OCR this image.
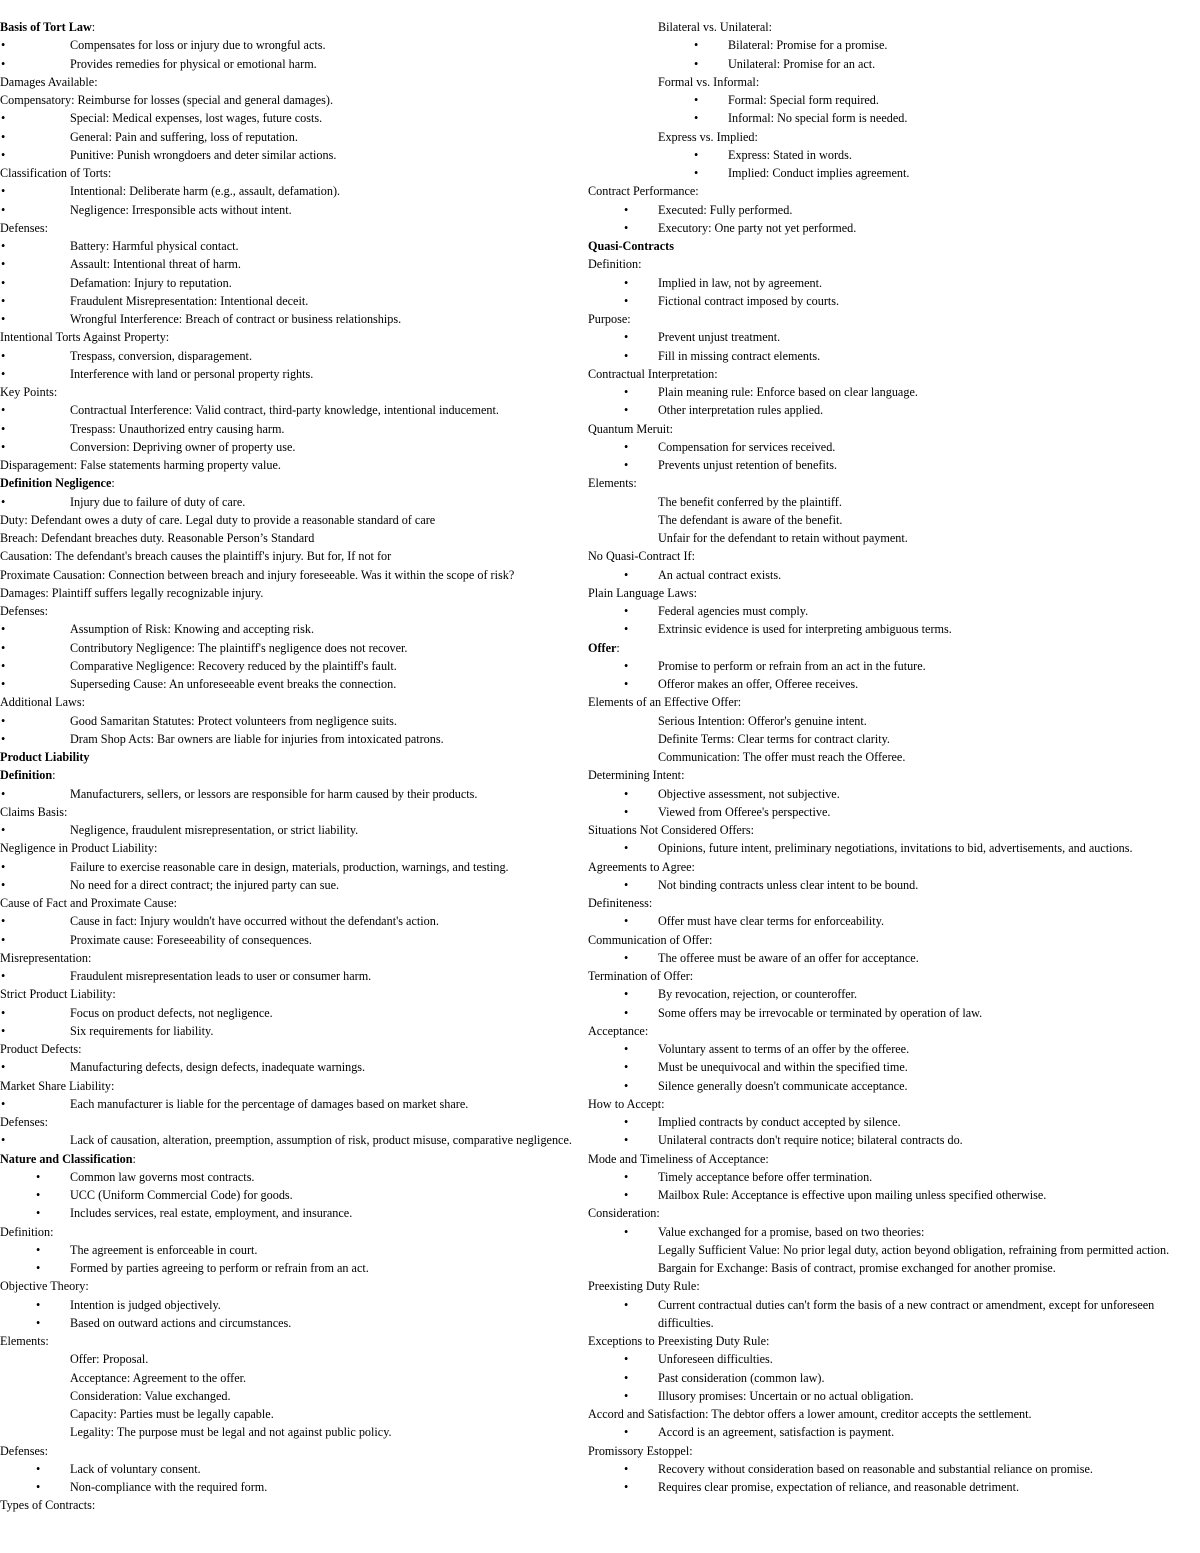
Basis of Tort Law:
• Compensates for loss or injury due to wrongful acts.
• Provides remedies for physical or emotional harm.
Damages Available:
Compensatory: Reimburse for losses (special and general damages).
• Special: Medical expenses, lost wages, future costs.
• General: Pain and suffering, loss of reputation.
• Punitive: Punish wrongdoers and deter similar actions.
Classification of Torts:
• Intentional: Deliberate harm (e.g., assault, defamation).
• Negligence: Irresponsible acts without intent.
Defenses:
• Battery: Harmful physical contact.
• Assault: Intentional threat of harm.
• Defamation: Injury to reputation.
• Fraudulent Misrepresentation: Intentional deceit.
• Wrongful Interference: Breach of contract or business relationships.
Intentional Torts Against Property:
• Trespass, conversion, disparagement.
• Interference with land or personal property rights.
Key Points:
• Contractual Interference: Valid contract, third-party knowledge, intentional inducement.
• Trespass: Unauthorized entry causing harm.
• Conversion: Depriving owner of property use.
Disparagement: False statements harming property value.
Definition Negligence:
• Injury due to failure of duty of care.
Duty: Defendant owes a duty of care. Legal duty to provide a reasonable standard of care
Breach: Defendant breaches duty. Reasonable Person’s Standard
Causation: The defendant's breach causes the plaintiff's injury. But for, If not for
Proximate Causation: Connection between breach and injury foreseeable. Was it within the scope of risk?
Damages: Plaintiff suffers legally recognizable injury.
Defenses:
• Assumption of Risk: Knowing and accepting risk.
• Contributory Negligence: The plaintiff's negligence does not recover.
• Comparative Negligence: Recovery reduced by the plaintiff's fault.
• Superseding Cause: An unforeseeable event breaks the connection.
Additional Laws:
• Good Samaritan Statutes: Protect volunteers from negligence suits.
• Dram Shop Acts: Bar owners are liable for injuries from intoxicated patrons.
Product Liability
Definition:
• Manufacturers, sellers, or lessors are responsible for harm caused by their products.
Claims Basis:
• Negligence, fraudulent misrepresentation, or strict liability.
Negligence in Product Liability:
• Failure to exercise reasonable care in design, materials, production, warnings, and testing.
• No need for a direct contract; the injured party can sue.
Cause of Fact and Proximate Cause:
• Cause in fact: Injury wouldn't have occurred without the defendant's action.
• Proximate cause: Foreseeability of consequences.
Misrepresentation:
• Fraudulent misrepresentation leads to user or consumer harm.
Strict Product Liability:
• Focus on product defects, not negligence.
• Six requirements for liability.
Product Defects:
• Manufacturing defects, design defects, inadequate warnings.
Market Share Liability:
• Each manufacturer is liable for the percentage of damages based on market share.
Defenses:
• Lack of causation, alteration, preemption, assumption of risk, product misuse, comparative negligence.
Nature and Classification:
• Common law governs most contracts.
• UCC (Uniform Commercial Code) for goods.
• Includes services, real estate, employment, and insurance.
Definition:
• The agreement is enforceable in court.
• Formed by parties agreeing to perform or refrain from an act.
Objective Theory:
• Intention is judged objectively.
• Based on outward actions and circumstances.
Elements:
Offer: Proposal.
Acceptance: Agreement to the offer.
Consideration: Value exchanged.
Capacity: Parties must be legally capable.
Legality: The purpose must be legal and not against public policy.
Defenses:
• Lack of voluntary consent.
• Non-compliance with the required form.
Types of Contracts:
Bilateral vs. Unilateral:
• Bilateral: Promise for a promise.
• Unilateral: Promise for an act.
Formal vs. Informal:
• Formal: Special form required.
• Informal: No special form is needed.
Express vs. Implied:
• Express: Stated in words.
• Implied: Conduct implies agreement.
Contract Performance:
• Executed: Fully performed.
• Executory: One party not yet performed.
Quasi-Contracts
Definition:
• Implied in law, not by agreement.
• Fictional contract imposed by courts.
Purpose:
• Prevent unjust treatment.
• Fill in missing contract elements.
Contractual Interpretation:
• Plain meaning rule: Enforce based on clear language.
• Other interpretation rules applied.
Quantum Meruit:
• Compensation for services received.
• Prevents unjust retention of benefits.
Elements:
The benefit conferred by the plaintiff.
The defendant is aware of the benefit.
Unfair for the defendant to retain without payment.
No Quasi-Contract If:
• An actual contract exists.
Plain Language Laws:
• Federal agencies must comply.
• Extrinsic evidence is used for interpreting ambiguous terms.
Offer:
• Promise to perform or refrain from an act in the future.
• Offeror makes an offer, Offeree receives.
Elements of an Effective Offer:
Serious Intention: Offeror's genuine intent.
Definite Terms: Clear terms for contract clarity.
Communication: The offer must reach the Offeree.
Determining Intent:
• Objective assessment, not subjective.
• Viewed from Offeree's perspective.
Situations Not Considered Offers:
• Opinions, future intent, preliminary negotiations, invitations to bid, advertisements, and auctions.
Agreements to Agree:
• Not binding contracts unless clear intent to be bound.
Definiteness:
• Offer must have clear terms for enforceability.
Communication of Offer:
• The offeree must be aware of an offer for acceptance.
Termination of Offer:
• By revocation, rejection, or counteroffer.
• Some offers may be irrevocable or terminated by operation of law.
Acceptance:
• Voluntary assent to terms of an offer by the offeree.
• Must be unequivocal and within the specified time.
• Silence generally doesn't communicate acceptance.
How to Accept:
• Implied contracts by conduct accepted by silence.
• Unilateral contracts don't require notice; bilateral contracts do.
Mode and Timeliness of Acceptance:
• Timely acceptance before offer termination.
• Mailbox Rule: Acceptance is effective upon mailing unless specified otherwise.
Consideration:
• Value exchanged for a promise, based on two theories:
Legally Sufficient Value: No prior legal duty, action beyond obligation, refraining from permitted action.
Bargain for Exchange: Basis of contract, promise exchanged for another promise.
Preexisting Duty Rule:
• Current contractual duties can't form the basis of a new contract or amendment, except for unforeseen difficulties.
Exceptions to Preexisting Duty Rule:
• Unforeseen difficulties.
• Past consideration (common law).
• Illusory promises: Uncertain or no actual obligation.
Accord and Satisfaction: The debtor offers a lower amount, creditor accepts the settlement.
• Accord is an agreement, satisfaction is payment.
Promissory Estoppel:
• Recovery without consideration based on reasonable and substantial reliance on promise.
• Requires clear promise, expectation of reliance, and reasonable detriment.
